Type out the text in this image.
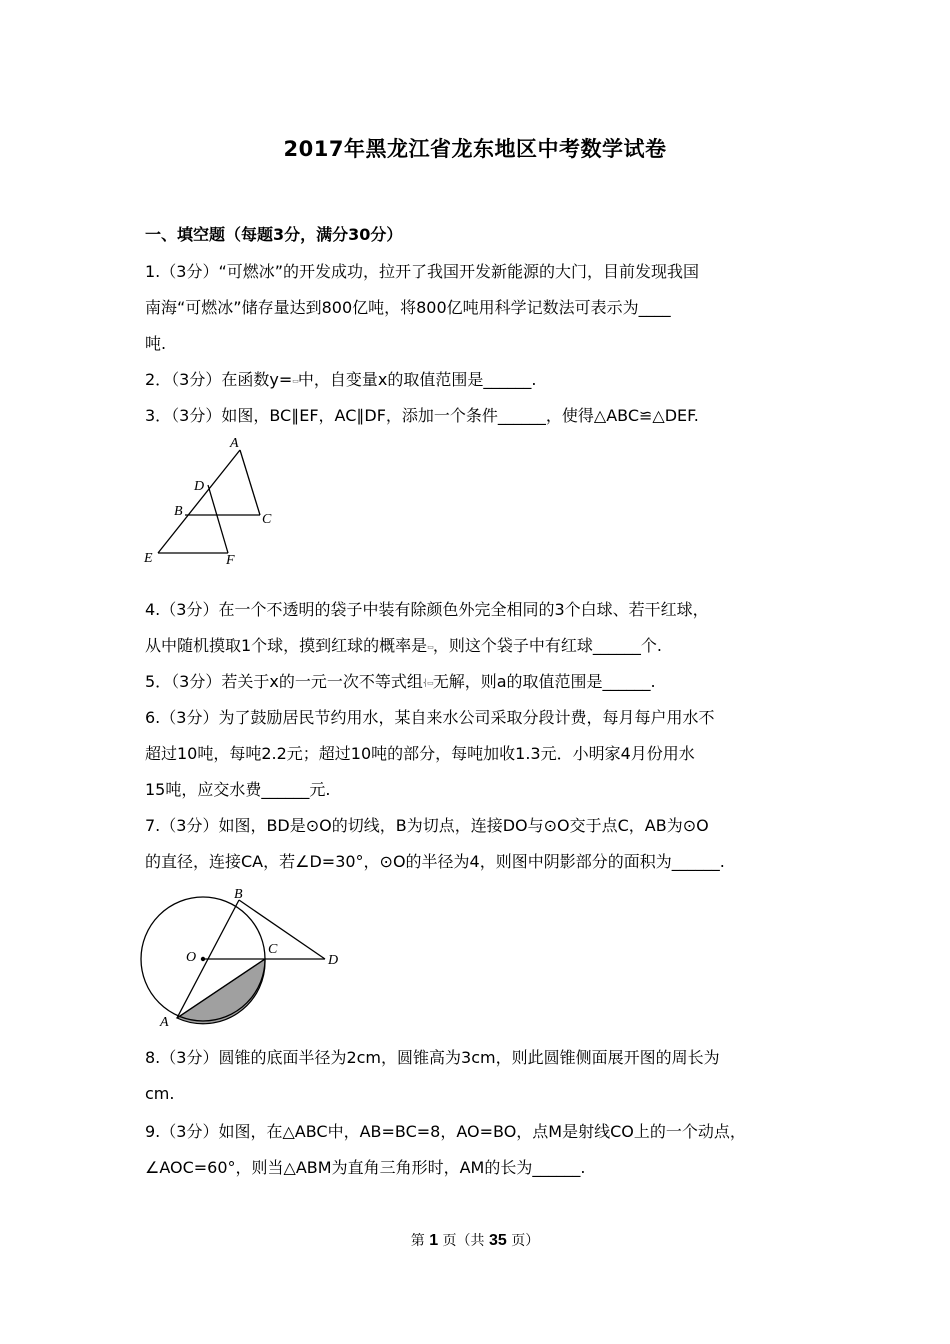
2017年黑龙江省龙东地区中考数学试卷
一、填空题（每题3分，满分30分）
1.（3分）“可燃冰”的开发成功，拉开了我国开发新能源的大门，目前发现我国
南海“可燃冰”储存量达到800亿吨，将800亿吨用科学记数法可表示为____
吨.
2．（3分）在函数y=▭中，自变量x的取值范围是______.
3．（3分）如图，BC∥EF，AC∥DF，添加一个条件______，使得△ABC≌△DEF.
A
D
B
C
E	F
4.（3分）在一个不透明的袋子中装有除颜色外完全相同的3个白球、若干红球，
从中随机摸取1个球，摸到红球的概率是▭，则这个袋子中有红球______个.
5．（3分）若关于x的一元一次不等式组⎨▭无解，则a的取值范围是______.
6.（3分）为了鼓励居民节约用水，某自来水公司采取分段计费，每月每户用水不
超过10吨，每吨2.2元；超过10吨的部分，每吨加收1.3元．小明家4月份用水
15吨，应交水费______元.
7.（3分）如图，BD是⊙O的切线，B为切点，连接DO与⊙O交于点C，AB为⊙O
的直径，连接CA，若∠D=30°，⊙O的半径为4，则图中阴影部分的面积为______.
B
O
C
D
A
8.（3分）圆锥的底面半径为2cm，圆锥高为3cm，则此圆锥侧面展开图的周长为
cm.
9.（3分）如图，在△ABC中，AB=BC=8，AO=BO，点M是射线CO上的一个动点，
∠AOC=60°，则当△ABM为直角三角形时，AM的长为______.
第 1 页（共 35 页）
